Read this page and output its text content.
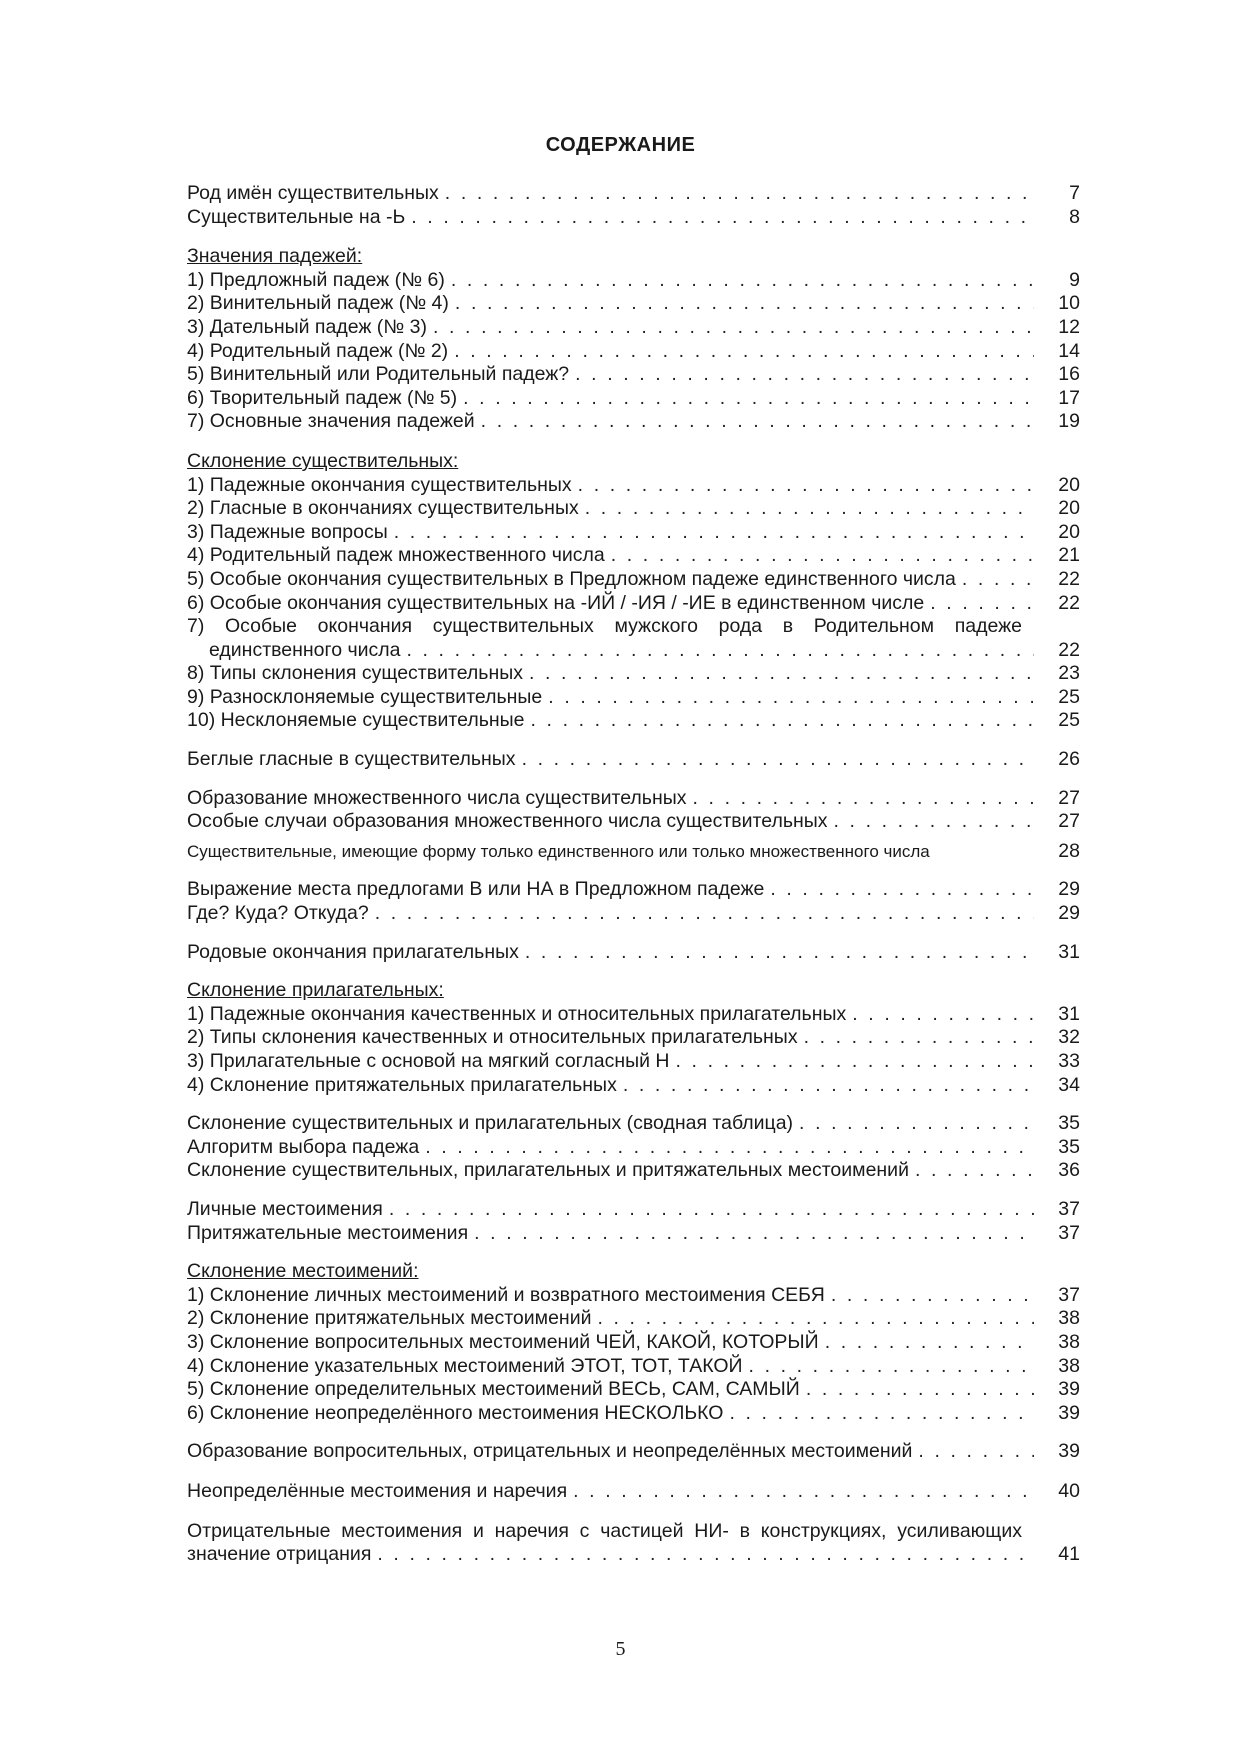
СОДЕРЖАНИЕ
Род имён существительных . . .	7
Существительные на -Ь . . .	8
Значения падежей:
1) Предложный падеж (№ 6) . . .	9
2) Винительный падеж (№ 4) . . .	10
3) Дательный падеж (№ 3) . . .	12
4) Родительный падеж (№ 2) . . .	14
5) Винительный или Родительный падеж? . . .	16
6) Творительный падеж (№ 5) . . .	17
7) Основные значения падежей . . .	19
Склонение существительных:
1) Падежные окончания существительных . . .	20
2) Гласные в окончаниях существительных . . .	20
3) Падежные вопросы . . .	20
4) Родительный падеж множественного числа . . .	21
5) Особые окончания существительных в Предложном падеже единственного числа . . .	22
6) Особые окончания существительных на -ИЙ / -ИЯ / -ИЕ в единственном числе . . .	22
7) Особые окончания существительных мужского рода в Родительном падеже
единственного числа . . .	22
8) Типы склонения существительных . . .	23
9) Разносклоняемые существительные . . .	25
10) Несклоняемые существительные . . .	25
Беглые гласные в существительных . . .	26
Образование множественного числа существительных . . .	27
Особые случаи образования множественного числа существительных . . .	27
Существительные, имеющие форму только единственного или только множественного числа	28
Выражение места предлогами В или НА в Предложном падеже . . .	29
Где? Куда? Откуда? . . .	29
Родовые окончания прилагательных . . .	31
Склонение прилагательных:
1) Падежные окончания качественных и относительных прилагательных . . .	31
2) Типы склонения качественных и относительных прилагательных . . .	32
3) Прилагательные с основой на мягкий согласный Н . . .	33
4) Склонение притяжательных прилагательных . . .	34
Склонение существительных и прилагательных (сводная таблица) . . .	35
Алгоритм выбора падежа . . .	35
Склонение существительных, прилагательных и притяжательных местоимений . . .	36
Личные местоимения . . .	37
Притяжательные местоимения . . .	37
Склонение местоимений:
1) Склонение личных местоимений и возвратного местоимения СЕБЯ . . .	37
2) Склонение притяжательных местоимений . . .	38
3) Склонение вопросительных местоимений ЧЕЙ, КАКОЙ, КОТОРЫЙ . . .	38
4) Склонение указательных местоимений ЭТОТ, ТОТ, ТАКОЙ . . .	38
5) Склонение определительных местоимений ВЕСЬ, САМ, САМЫЙ . . .	39
6) Склонение неопределённого местоимения НЕСКОЛЬКО . . .	39
Образование вопросительных, отрицательных и неопределённых местоимений . . .	39
Неопределённые местоимения и наречия . . .	40
Отрицательные местоимения и наречия с частицей НИ- в конструкциях, усиливающих
значение отрицания . . .	41
5
